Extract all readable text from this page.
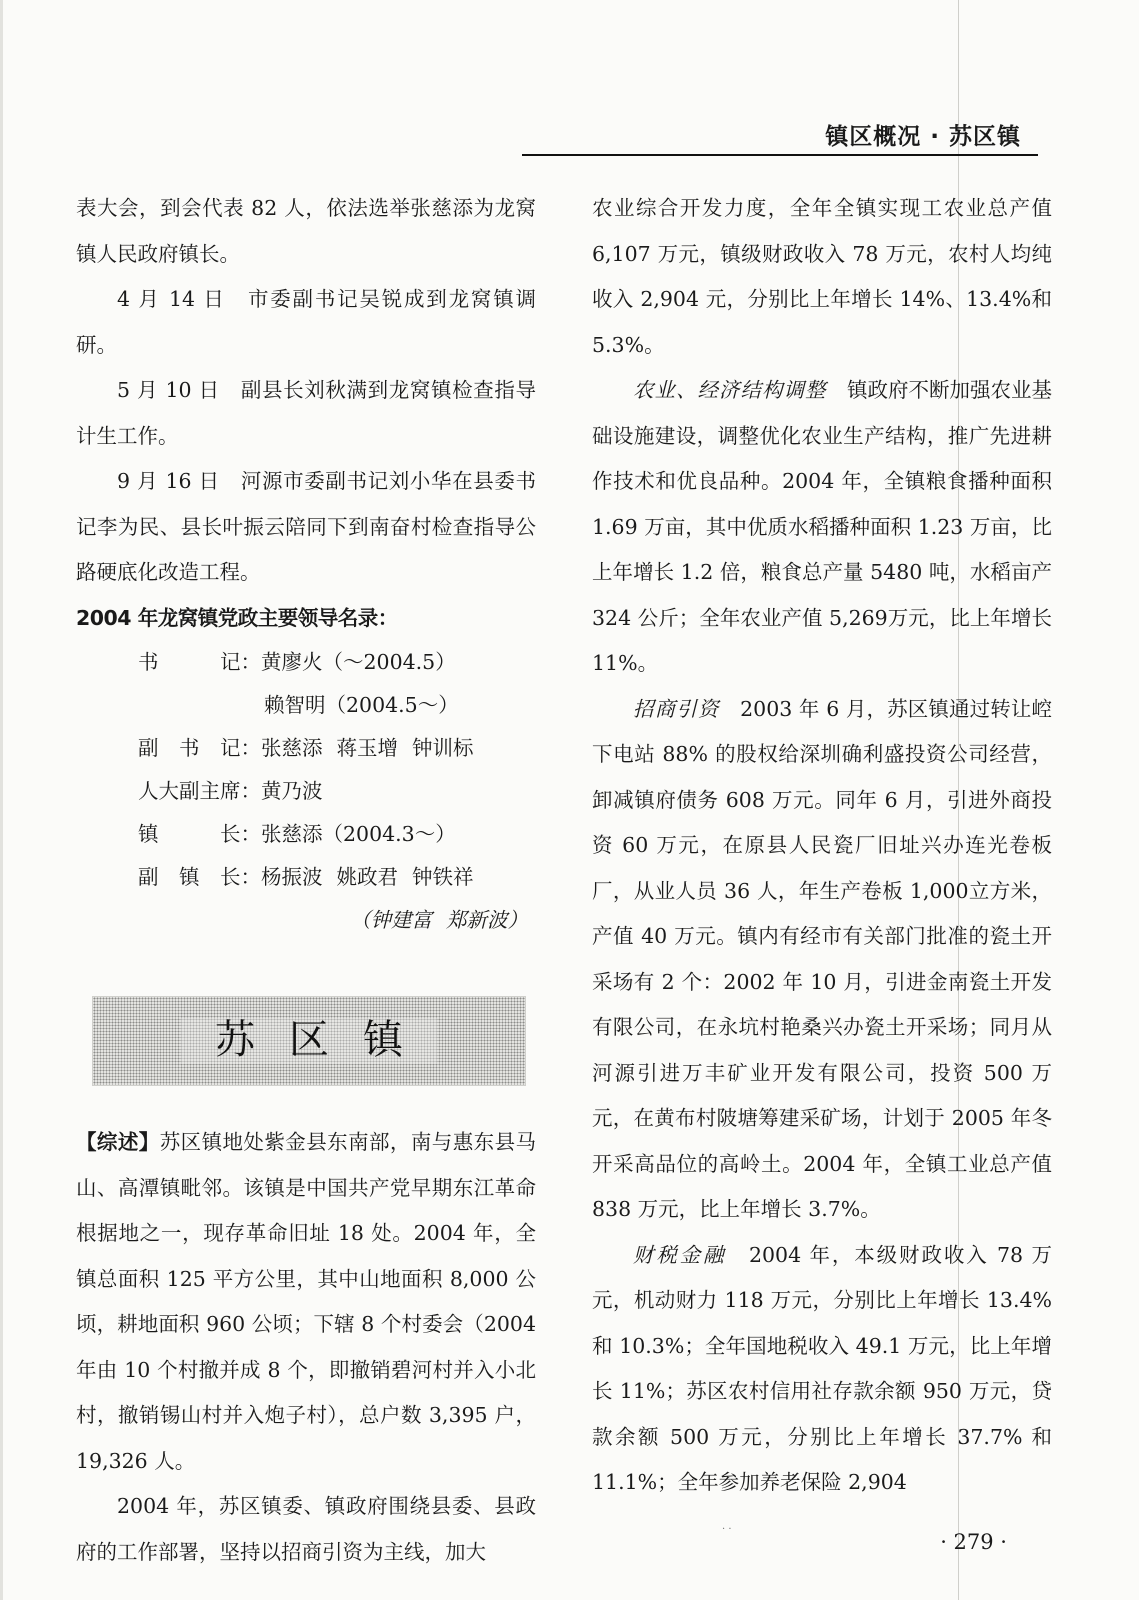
镇区概况 · 苏区镇

表大会，到会代表 82 人，依法选举张慈添为龙窝镇人民政府镇长。

4 月 14 日　市委副书记吴锐成到龙窝镇调研。

5 月 10 日　副县长刘秋满到龙窝镇检查指导计生工作。

9 月 16 日　河源市委副书记刘小华在县委书记李为民、县长叶振云陪同下到南奋村检查指导公路硬底化改造工程。

2004 年龙窝镇党政主要领导名录：

书　　　记：黄廖火（～2004.5）
赖智明（2004.5～）
副　书　记：张慈添 蒋玉增 钟训标
人大副主席：黄乃波
镇　　　长：张慈添（2004.3～）
副　镇　长：杨振波 姚政君 钟铁祥
（钟建富 郑新波）
苏区镇

【综述】苏区镇地处紫金县东南部，南与惠东县马山、高潭镇毗邻。该镇是中国共产党早期东江革命根据地之一，现存革命旧址 18 处。2004 年，全镇总面积 125 平方公里，其中山地面积 8,000 公顷，耕地面积 960 公顷；下辖 8 个村委会（2004 年由 10 个村撤并成 8 个，即撤销碧河村并入小北村，撤销锡山村并入炮子村），总户数 3,395 户，19,326 人。

2004 年，苏区镇委、镇政府围绕县委、县政府的工作部署，坚持以招商引资为主线，加大

农业综合开发力度，全年全镇实现工农业总产值 6,107 万元，镇级财政收入 78 万元，农村人均纯收入 2,904 元，分别比上年增长 14%、13.4%和 5.3%。

农业、经济结构调整　 镇政府不断加强农业基础设施建设，调整优化农业生产结构，推广先进耕作技术和优良品种。2004 年，全镇粮食播种面积 1.69 万亩，其中优质水稻播种面积 1.23 万亩，比上年增长 1.2 倍，粮食总产量 5480 吨，水稻亩产 324 公斤；全年农业产值 5,269万元，比上年增长 11%。

招商引资　 2003 年 6 月，苏区镇通过转让崆下电站 88% 的股权给深圳确利盛投资公司经营，卸减镇府债务 608 万元。同年 6 月，引进外商投资 60 万元，在原县人民瓷厂旧址兴办连光卷板厂，从业人员 36 人，年生产卷板 1,000立方米，产值 40 万元。镇内有经市有关部门批准的瓷土开采场有 2 个：2002 年 10 月，引进金南瓷土开发有限公司，在永坑村艳桑兴办瓷土开采场；同月从河源引进万丰矿业开发有限公司，投资 500 万元，在黄布村陂塘筹建采矿场，计划于 2005 年冬开采高品位的高岭土。2004 年，全镇工业总产值 838 万元，比上年增长 3.7%。

财税金融　 2004 年，本级财政收入 78 万元，机动财力 118 万元，分别比上年增长 13.4%和 10.3%；全年国地税收入 49.1 万元，比上年增长 11%；苏区农村信用社存款余额 950 万元，贷款余额 500 万元，分别比上年增长 37.7% 和 11.1%；全年参加养老保险 2,904

· ·
· 279 ·
